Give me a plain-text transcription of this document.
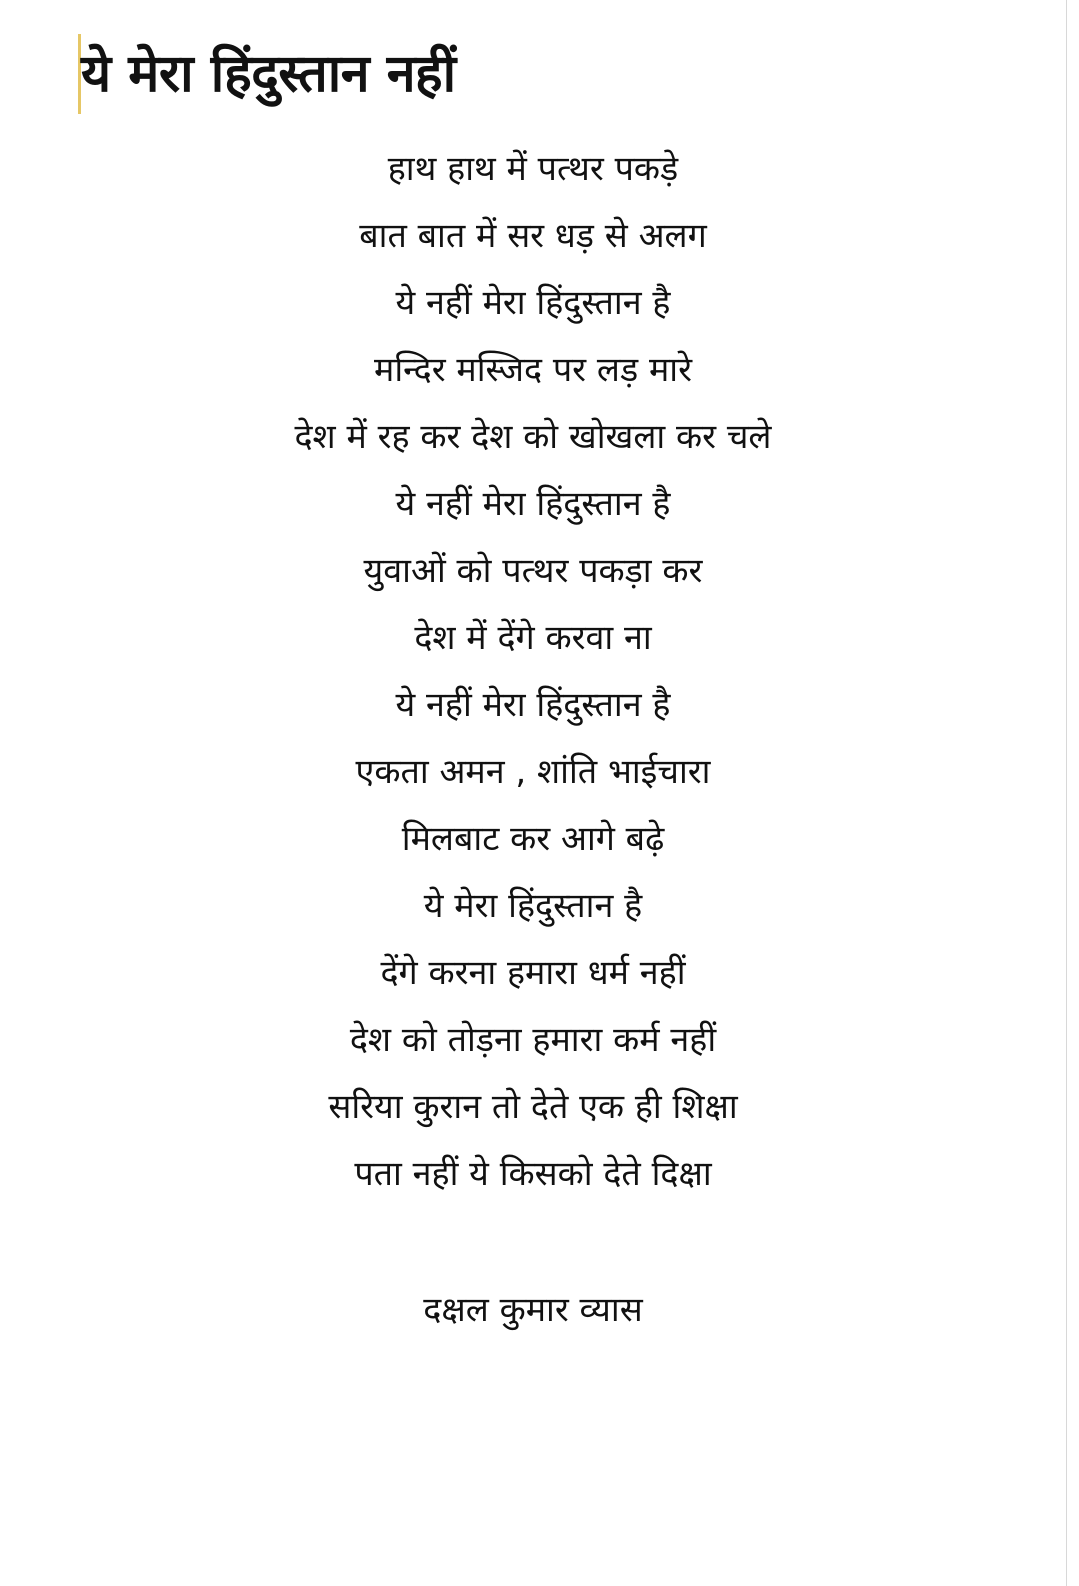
ये मेरा हिंदुस्तान नहीं
हाथ हाथ में पत्थर पकड़े
बात बात में सर धड़ से अलग
ये नहीं मेरा हिंदुस्तान है
मन्दिर मस्जिद पर लड़ मारे
देश में रह कर देश को खोखला कर चले
ये नहीं मेरा हिंदुस्तान है
युवाओं को पत्थर पकड़ा कर
देश में देंगे करवा ना
ये नहीं मेरा हिंदुस्तान है
एकता अमन , शांति भाईचारा
मिलबाट कर आगे बढ़े
ये मेरा हिंदुस्तान है
देंगे करना हमारा धर्म नहीं
देश को तोड़ना हमारा कर्म नहीं
सरिया कुरान तो देते एक ही शिक्षा
पता नहीं ये किसको देते दिक्षा
दक्षल कुमार व्यास
